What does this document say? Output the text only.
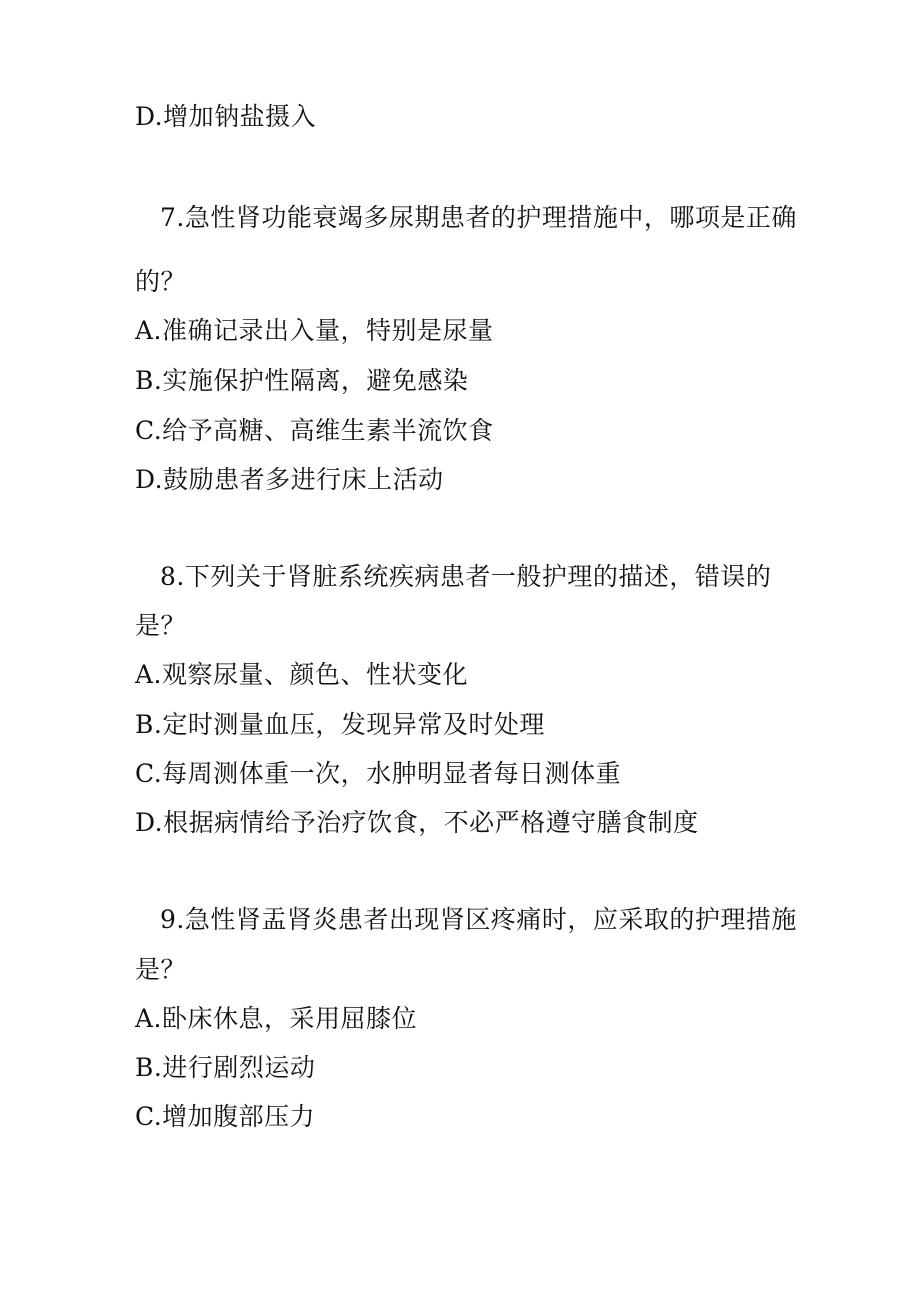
D.增加钠盐摄入
7.急性肾功能衰竭多尿期患者的护理措施中，哪项是正确
的？
A.准确记录出入量，特别是尿量
B.实施保护性隔离，避免感染
C.给予高糖、高维生素半流饮食
D.鼓励患者多进行床上活动
8.下列关于肾脏系统疾病患者一般护理的描述，错误的
是？
A.观察尿量、颜色、性状变化
B.定时测量血压，发现异常及时处理
C.每周测体重一次，水肿明显者每日测体重
D.根据病情给予治疗饮食，不必严格遵守膳食制度
9.急性肾盂肾炎患者出现肾区疼痛时，应采取的护理措施
是？
A.卧床休息，采用屈膝位
B.进行剧烈运动
C.增加腹部压力
